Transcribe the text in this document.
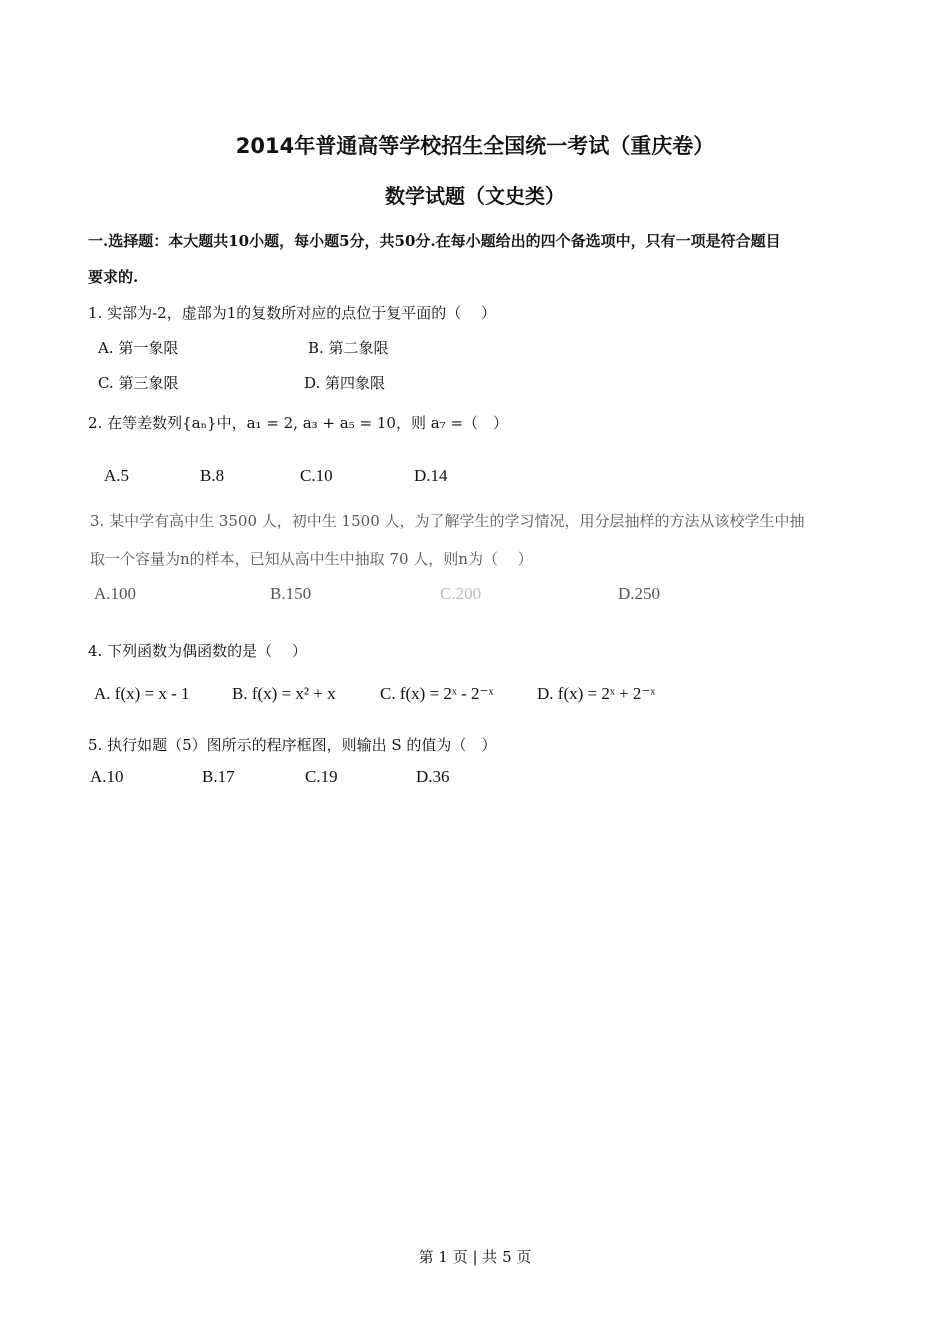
2014年普通高等学校招生全国统一考试（重庆卷）
数学试题（文史类）
一.选择题：本大题共10小题，每小题5分，共50分.在每小题给出的四个备选项中，只有一项是符合题目
要求的.
1. 实部为-2，虚部为1的复数所对应的点位于复平面的（　 ）
A. 第一象限	B. 第二象限
C. 第三象限	D. 第四象限
2. 在等差数列{aₙ}中，a₁ = 2, a₃ + a₅ = 10，则 a₇ =（　）
A.5	B.8	C.10	D.14
3. 某中学有高中生 3500 人，初中生 1500 人，为了解学生的学习情况，用分层抽样的方法从该校学生中抽
取一个容量为n的样本，已知从高中生中抽取 70 人，则n为（　 ）
A.100	B.150	C.200	D.250
4. 下列函数为偶函数的是（　 ）
A. f(x) = x - 1 B. f(x) = x² + x	C. f(x) = 2ˣ - 2⁻ˣ	D. f(x) = 2ˣ + 2⁻ˣ
5. 执行如题（5）图所示的程序框图，则输出 S 的值为（　）
A.10	B.17	C.19	D.36
第 1 页 | 共 5 页
